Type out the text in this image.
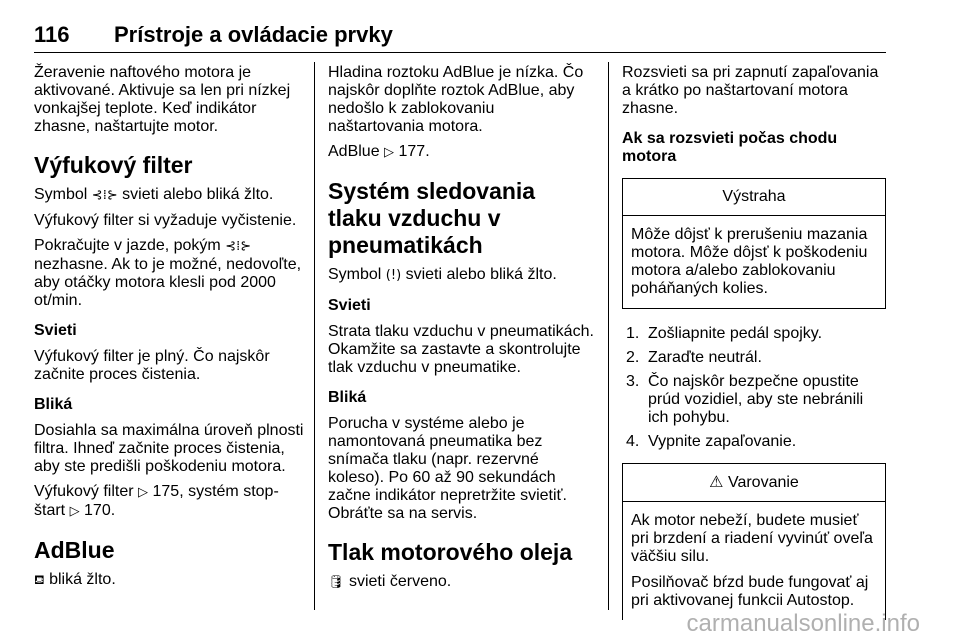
116 Prístroje a ovládacie prvky

Žeravenie naftového motora je aktivované. Aktivuje sa len pri nízkej vonkajšej teplote. Keď indikátor zhasne, naštartujte motor.

Výfukový filter

Symbol ⊰⁞⊱ svieti alebo bliká žlto.

Výfukový filter si vyžaduje vyčistenie.

Pokračujte v jazde, pokým ⊰⁞⊱ nezhasne. Ak to je možné, nedovoľte, aby otáčky motora klesli pod 2000 ot/min.

Svieti

Výfukový filter je plný. Čo najskôr začnite proces čistenia.

Bliká

Dosiahla sa maximálna úroveň plnosti filtra. Ihneď začnite proces čistenia, aby ste predišli poškodeniu motora.

Výfukový filter ▷ 175, systém stop-štart ▷ 170.

AdBlue

⛾ bliká žlto.

Hladina roztoku AdBlue je nízka. Čo najskôr doplňte roztok AdBlue, aby nedošlo k zablokovaniu naštartovania motora.

AdBlue ▷ 177.

Systém sledovania tlaku vzduchu v pneumatikách

Symbol (!) svieti alebo bliká žlto.

Svieti

Strata tlaku vzduchu v pneumatikách. Okamžite sa zastavte a skontrolujte tlak vzduchu v pneumatike.

Bliká

Porucha v systéme alebo je namontovaná pneumatika bez snímača tlaku (napr. rezervné koleso). Po 60 až 90 sekundách začne indikátor nepretržite svietiť. Obráťte sa na servis.

Tlak motorového oleja

🛢 svieti červeno.

Rozsvieti sa pri zapnutí zapaľovania a krátko po naštartovaní motora zhasne.

Ak sa rozsvieti počas chodu motora
Výstraha

Môže dôjsť k prerušeniu mazania motora. Môže dôjsť k poškodeniu motora a/alebo zablokovaniu poháňaných kolies.

1. Zošliapnite pedál spojky.
2. Zaraďte neutrál.
3. Čo najskôr bezpečne opustite prúd vozidiel, aby ste nebránili ich pohybu.
4. Vypnite zapaľovanie.
⚠ Varovanie

Ak motor nebeží, budete musieť pri brzdení a riadení vyvinúť oveľa väčšiu silu.

Posilňovač bŕzd bude fungovať aj pri aktivovanej funkcii Autostop.

carmanualsonline.info
